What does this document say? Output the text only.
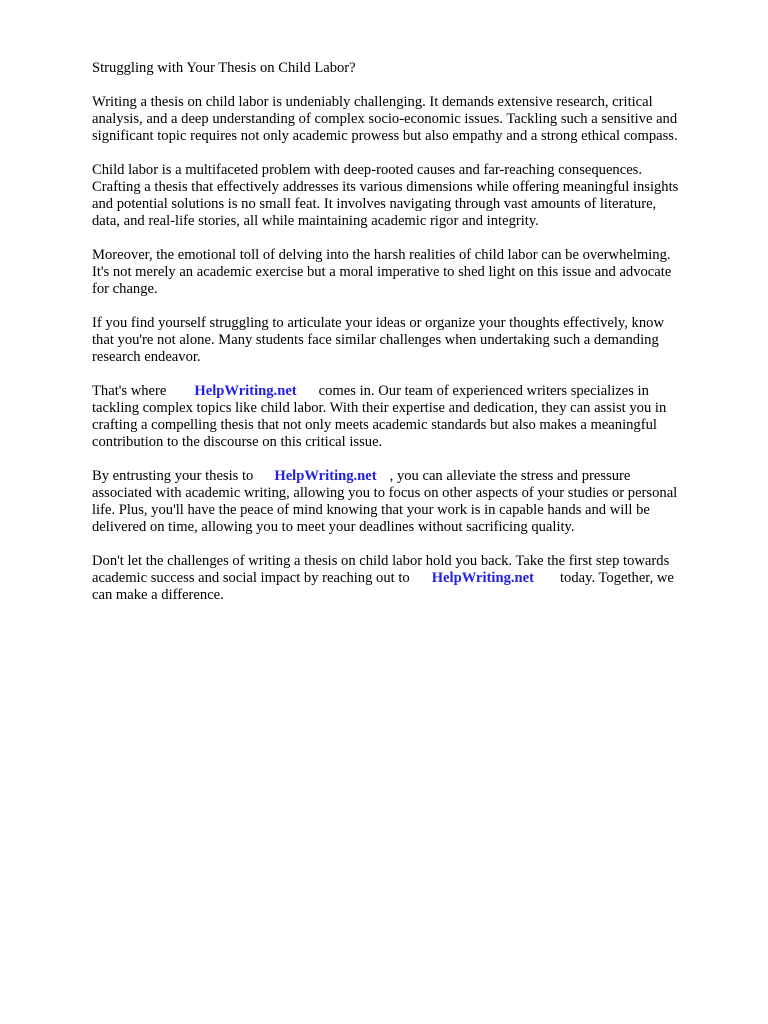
Struggling with Your Thesis on Child Labor?
Writing a thesis on child labor is undeniably challenging. It demands extensive research, critical
analysis, and a deep understanding of complex socio-economic issues. Tackling such a sensitive and
significant topic requires not only academic prowess but also empathy and a strong ethical compass.
Child labor is a multifaceted problem with deep-rooted causes and far-reaching consequences.
Crafting a thesis that effectively addresses its various dimensions while offering meaningful insights
and potential solutions is no small feat. It involves navigating through vast amounts of literature,
data, and real-life stories, all while maintaining academic rigor and integrity.
Moreover, the emotional toll of delving into the harsh realities of child labor can be overwhelming.
It's not merely an academic exercise but a moral imperative to shed light on this issue and advocate
for change.
If you find yourself struggling to articulate your ideas or organize your thoughts effectively, know
that you're not alone. Many students face similar challenges when undertaking such a demanding
research endeavor.
That's where HelpWriting.net comes in. Our team of experienced writers specializes in
tackling complex topics like child labor. With their expertise and dedication, they can assist you in
crafting a compelling thesis that not only meets academic standards but also makes a meaningful
contribution to the discourse on this critical issue.
By entrusting your thesis to HelpWriting.net , you can alleviate the stress and pressure
associated with academic writing, allowing you to focus on other aspects of your studies or personal
life. Plus, you'll have the peace of mind knowing that your work is in capable hands and will be
delivered on time, allowing you to meet your deadlines without sacrificing quality.
Don't let the challenges of writing a thesis on child labor hold you back. Take the first step towards
academic success and social impact by reaching out to HelpWriting.net today. Together, we
can make a difference.
